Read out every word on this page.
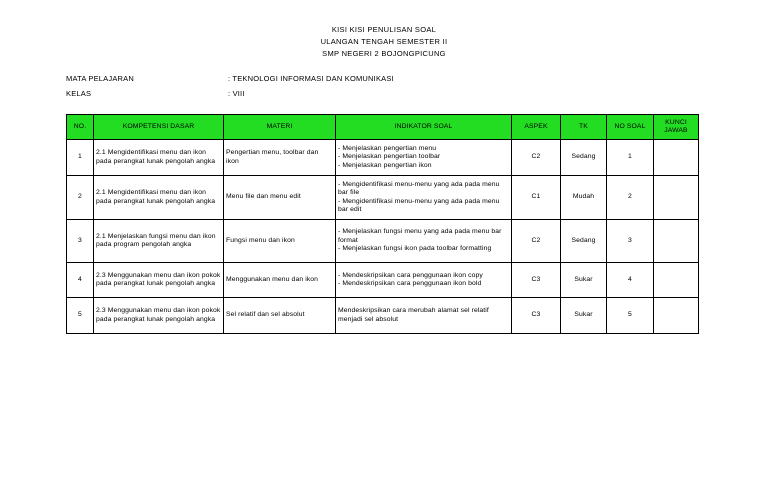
KISI KISI PENULISAN SOAL
ULANGAN TENGAH SEMESTER II
SMP NEGERI 2 BOJONGPICUNG
MATA PELAJARAN	: TEKNOLOGI INFORMASI DAN KOMUNIKASI
KELAS	: VIII
NO.	KOMPETENSI DASAR	MATERI	INDIKATOR SOAL	ASPEK	TK	NO SOAL	KUNCI JAWAB
1	2.1 Mengidentifikasi menu dan ikon pada perangkat lunak pengolah angka	Pengertian menu, toolbar dan ikon	- Menjelaskan pengertian menu
- Menjelaskan pengertian toolbar
- Menjelaskan pengertian ikon	C2	Sedang	1	
2	2.1 Mengidentifikasi menu dan ikon pada perangkat lunak pengolah angka	Menu file dan menu edit	- Mengidentifikasi menu-menu yang ada pada menu bar file
- Mengidentifikasi menu-menu yang ada pada menu bar edit	C1	Mudah	2	
3	2.1 Menjelaskan fungsi menu dan ikon pada program pengolah angka	Fungsi menu dan ikon	- Menjelaskan fungsi menu yang ada pada menu bar format
- Menjelaskan fungsi ikon pada toolbar formatting	C2	Sedang	3	
4	2.3 Menggunakan menu dan ikon pokok pada perangkat lunak pengolah angka	Menggunakan menu dan ikon	- Mendeskripsikan cara penggunaan ikon copy
- Mendeskripsikan cara penggunaan ikon bold	C3	Sukar	4	
5	2.3 Menggunakan menu dan ikon pokok pada perangkat lunak pengolah angka	Sel relatif dan sel absolut	Mendeskripsikan cara merubah alamat sel relatif menjadi sel absolut	C3	Sukar	5	
